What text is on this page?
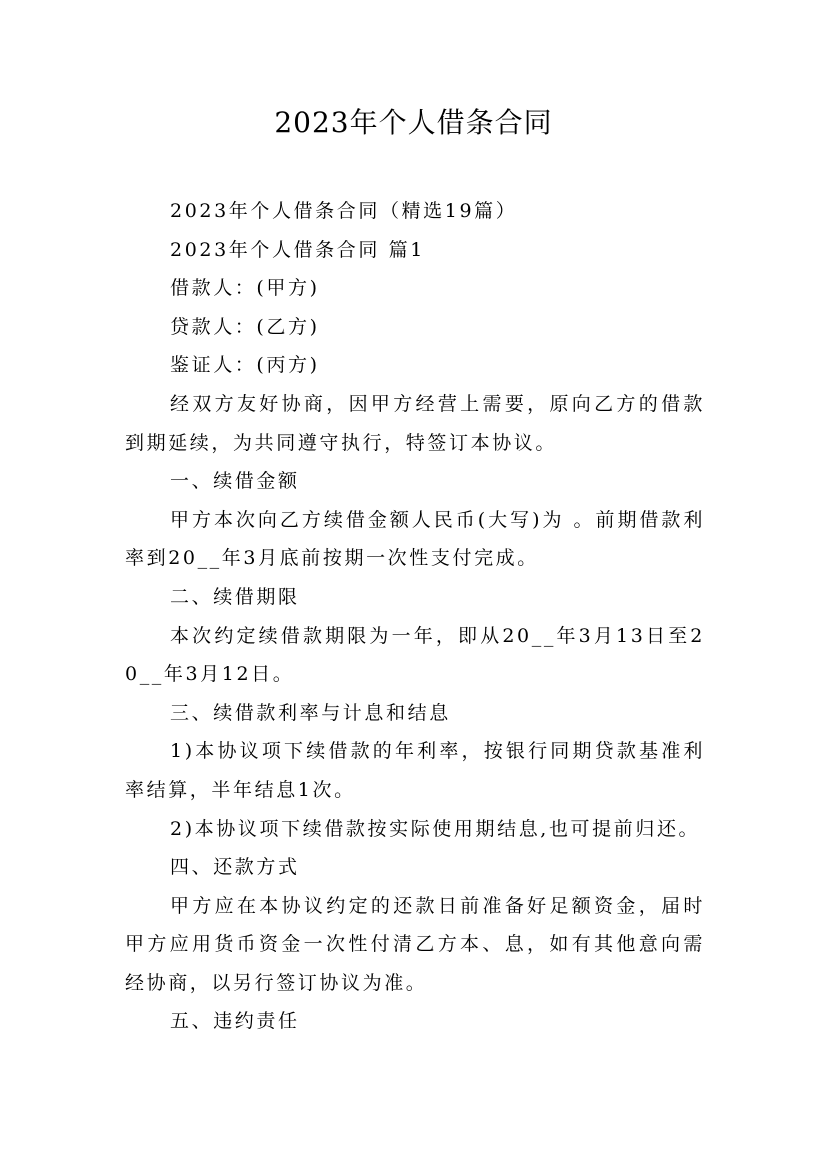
2023年个人借条合同

2023年个人借条合同（精选19篇）

2023年个人借条合同 篇1

借款人：(甲方)

贷款人：(乙方)

鉴证人：(丙方)

经双方友好协商，因甲方经营上需要，原向乙方的借款到期延续，为共同遵守执行，特签订本协议。

一、续借金额

甲方本次向乙方续借金额人民币(大写)为 。前期借款利率到20__年3月底前按期一次性支付完成。

二、续借期限

本次约定续借款期限为一年，即从20__年3月13日至20__年3月12日。

三、续借款利率与计息和结息

1)本协议项下续借款的年利率，按银行同期贷款基准利率结算，半年结息1次。

2)本协议项下续借款按实际使用期结息,也可提前归还。

四、还款方式

甲方应在本协议约定的还款日前准备好足额资金，届时甲方应用货币资金一次性付清乙方本、息，如有其他意向需经协商，以另行签订协议为准。

五、违约责任
